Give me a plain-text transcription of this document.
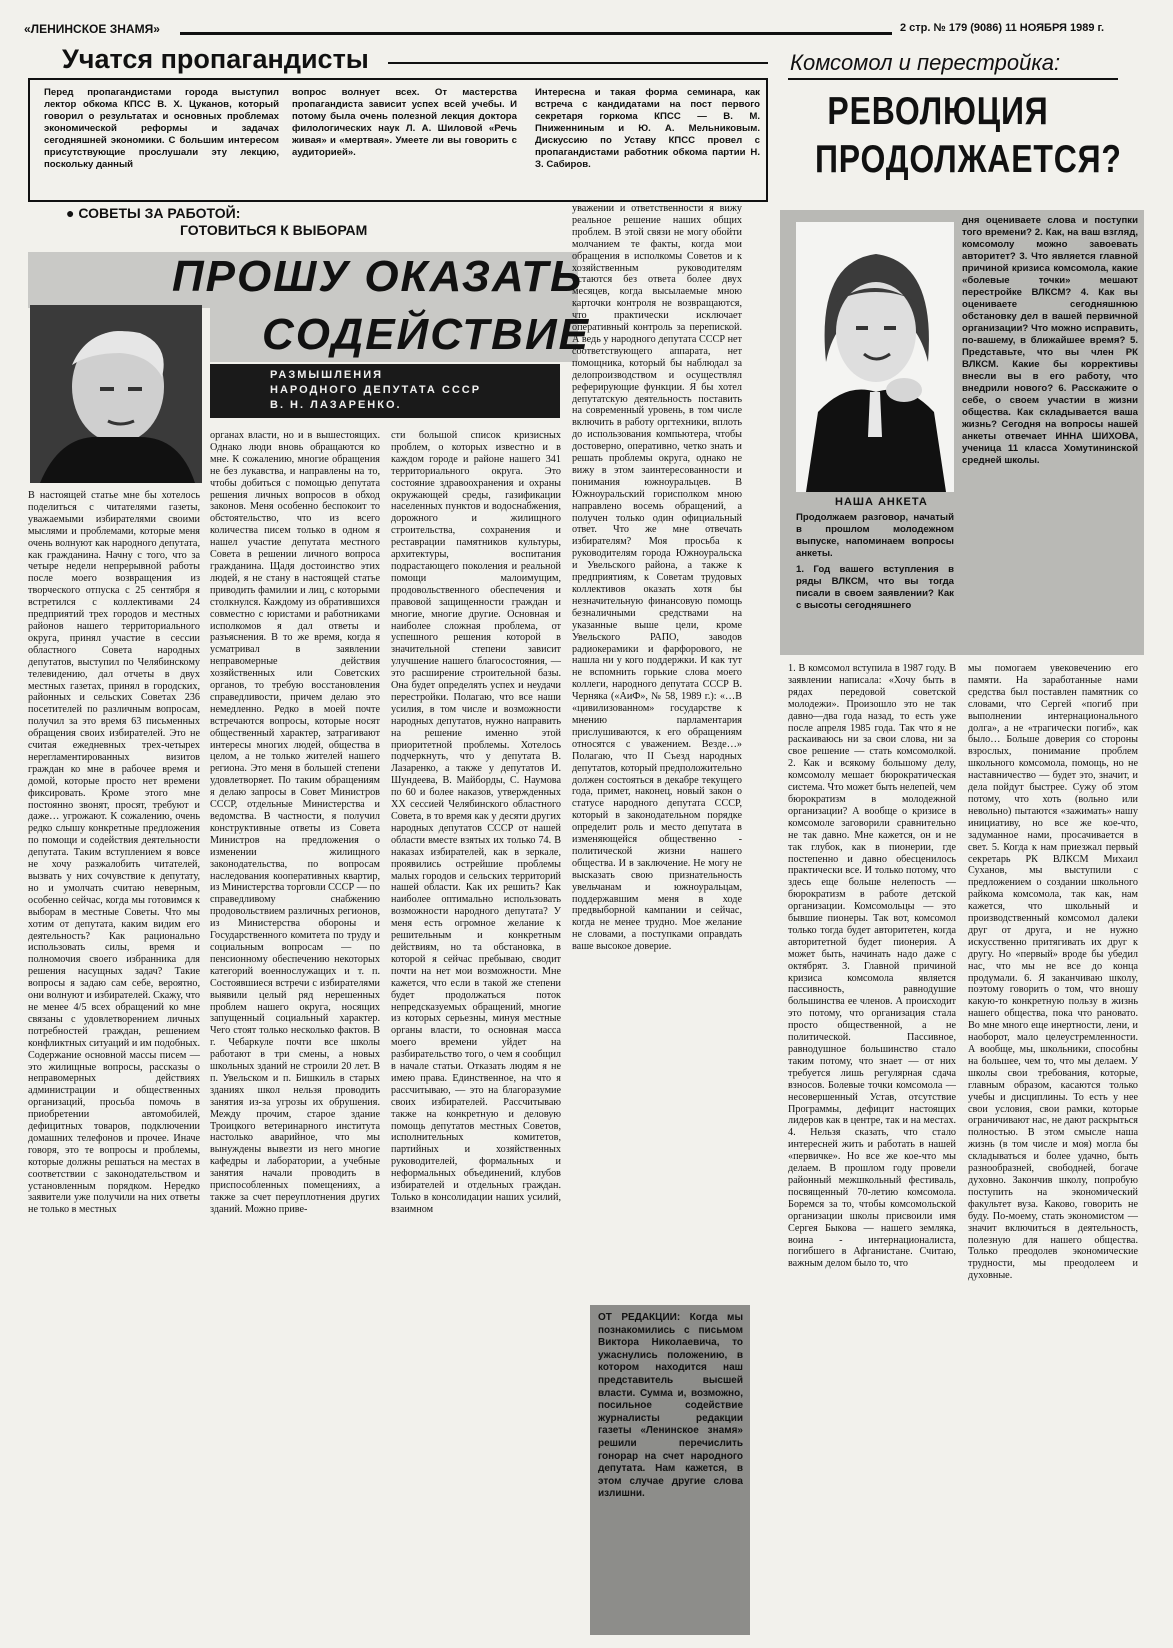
«ЛЕНИНСКОЕ ЗНАМЯ»	2 стр. № 179 (9086) 11 НОЯБРЯ 1989 г.
Учатся пропагандисты
Перед пропагандистами города выступил лектор обкома КПСС В. Х. Цуканов, который говорил о результатах и основных проблемах экономической реформы и задачах сегодняшней экономики. С большим интересом присутствующие прослушали эту лекцию, поскольку данный
вопрос волнует всех. От мастерства пропагандиста зависит успех всей учебы. И потому была очень полезной лекция доктора филологических наук Л. А. Шиловой «Речь живая» и «мертвая». Умеете ли вы говорить с аудиторией».
Интересна и такая форма семинара, как встреча с кандидатами на пост первого секретаря горкома КПСС — В. М. Пниженниным и Ю. А. Мельниковым. Дискуссию по Уставу КПСС провел с пропагандистами работник обкома партии Н. З. Сабиров.
Комсомол и перестройка:
РЕВОЛЮЦИЯ ПРОДОЛЖАЕТСЯ?
● СОВЕТЫ ЗА РАБОТОЙ:
ГОТОВИТЬСЯ К ВЫБОРАМ
ПРОШУ ОКАЗАТЬ
СОДЕЙСТВИЕ
РАЗМЫШЛЕНИЯ
НАРОДНОГО ДЕПУТАТА СССР
В. Н. ЛАЗАРЕНКО.
В настоящей статье мне бы хотелось поделиться с читателями газеты, уважаемыми избирателями своими мыслями и проблемами, которые меня очень волнуют как народного депутата, как гражданина. Начну с того, что за четыре недели непрерывной работы после моего возвращения из творческого отпуска с 25 сентября я встретился с коллективами 24 предприятий трех городов и местных районов нашего территориального округа, принял участие в сессии областного Совета народных депутатов, выступил по Челябинскому телевидению, дал отчеты в двух местных газетах, принял в городских, районных и сельских Советах 236 посетителей по различным вопросам, получил за это время 63 письменных обращения своих избирателей. Это не считая ежедневных трех-четырех нерегламентированных визитов граждан ко мне в рабочее время и домой, которые просто нет времени фиксировать. Кроме этого мне постоянно звонят, просят, требуют и даже… угрожают. К сожалению, очень редко слышу конкретные предложения по помощи и содействия деятельности депутата. Таким вступлением я вовсе не хочу разжалобить читателей, вызвать у них сочувствие к депутату, но и умолчать считаю неверным, особенно сейчас, когда мы готовимся к выборам в местные Советы. Что мы хотим от депутата, каким видим его деятельность? Как рационально использовать силы, время и полномочия своего избранника для решения насущных задач? Такие вопросы я задаю сам себе, вероятно, они волнуют и избирателей. Скажу, что не менее 4/5 всех обращений ко мне связаны с удовлетворением личных потребностей граждан, решением конфликтных ситуаций и им подобных. Содержание основной массы писем — это жилищные вопросы, рассказы о неправомерных действиях администрации и общественных организаций, просьба помочь в приобретении автомобилей, дефицитных товаров, подключении домашних телефонов и прочее. Иначе говоря, это те вопросы и проблемы, которые должны решаться на местах в соответствии с законодательством и установленным порядком. Нередко заявители уже получили на них ответы не только в местных
органах власти, но и в вышестоящих. Однако люди вновь обращаются ко мне. К сожалению, многие обращения не без лукавства, и направлены на то, чтобы добиться с помощью депутата решения личных вопросов в обход законов. Меня особенно беспокоит то обстоятельство, что из всего количества писем только в одном я нашел участие депутата местного Совета в решении личного вопроса гражданина. Щадя достоинство этих людей, я не стану в настоящей статье приводить фамилии и лиц, с которыми столкнулся. Каждому из обратившихся совместно с юристами и работниками исполкомов я дал ответы и разъяснения. В то же время, когда я усматривал в заявлении неправомерные действия хозяйственных или Советских органов, то требую восстановления справедливости, причем делаю это немедленно. Редко в моей почте встречаются вопросы, которые носят общественный характер, затрагивают интересы многих людей, общества в целом, а не только жителей нашего региона. Это меня в большей степени удовлетворяет. По таким обращениям я делаю запросы в Совет Министров СССР, отдельные Министерства и ведомства. В частности, я получил конструктивные ответы из Совета Министров на предложения о изменении жилищного законодательства, по вопросам наследования кооперативных квартир, из Министерства торговли СССР — по справедливому снабжению продовольствием различных регионов, из Министерства обороны и Государственного комитета по труду и социальным вопросам — по пенсионному обеспечению некоторых категорий военнослужащих и т. п. Состоявшиеся встречи с избирателями выявили целый ряд нерешенных проблем нашего округа, носящих запущенный социальный характер. Чего стоят только несколько фактов. В г. Чебаркуле почти все школы работают в три смены, а новых школьных зданий не строили 20 лет. В п. Увельском и п. Бишкиль в старых зданиях школ нельзя проводить занятия из-за угрозы их обрушения. Между прочим, старое здание Троицкого ветеринарного института настолько аварийное, что мы вынуждены вывезти из него многие кафедры и лаборатории, а учебные занятия начали проводить в приспособленных помещениях, а также за счет переуплотнения других зданий. Можно приве-
сти большой список кризисных проблем, о которых известно и в каждом городе и районе нашего 341 территориального округа. Это состояние здравоохранения и охраны окружающей среды, газификации населенных пунктов и водоснабжения, дорожного и жилищного строительства, сохранения и реставрации памятников культуры, архитектуры, воспитания подрастающего поколения и реальной помощи малоимущим, продовольственного обеспечения и правовой защищенности граждан и многие, многие другие. Основная и наиболее сложная проблема, от успешного решения которой в значительной степени зависит улучшение нашего благосостояния, — это расширение строительной базы. Она будет определять успех и неудачи перестройки. Полагаю, что все наши усилия, в том числе и возможности народных депутатов, нужно направить на решение именно этой приоритетной проблемы. Хотелось подчеркнуть, что у депутата В. Лазаренко, а также у депутатов И. Шундеева, В. Майборды, С. Наумова по 60 и более наказов, утвержденных XX сессией Челябинского областного Совета, в то время как у десяти других народных депутатов СССР от нашей области вместе взятых их только 74. В наказах избирателей, как в зеркале, проявились острейшие проблемы малых городов и сельских территорий нашей области. Как их решить? Как наиболее оптимально использовать возможности народного депутата? У меня есть огромное желание к решительным и конкретным действиям, но та обстановка, в которой я сейчас пребываю, сводит почти на нет мои возможности. Мне кажется, что если в такой же степени будет продолжаться поток непредсказуемых обращений, многие из которых серьезны, минуя местные органы власти, то основная масса моего времени уйдет на разбирательство того, о чем я сообщил в начале статьи. Отказать людям я не имею права. Единственное, на что я рассчитываю, — это на благоразумие своих избирателей. Рассчитываю также на конкретную и деловую помощь депутатов местных Советов, исполнительных комитетов, партийных и хозяйственных руководителей, формальных и неформальных объединений, клубов избирателей и отдельных граждан. Только в консолидации наших усилий, взаимном
уважении и ответственности я вижу реальное решение наших общих проблем. В этой связи не могу обойти молчанием те факты, когда мои обращения в исполкомы Советов и к хозяйственным руководителям остаются без ответа более двух месяцев, когда высылаемые мною карточки контроля не возвращаются, что практически исключает оперативный контроль за перепиской. А ведь у народного депутата СССР нет соответствующего аппарата, нет помощника, который бы наблюдал за делопроизводством и осуществлял реферирующие функции. Я бы хотел депутатскую деятельность поставить на современный уровень, в том числе включить в работу оргтехники, вплоть до использования компьютера, чтобы достоверно, оперативно, четко знать и решать проблемы округа, однако не вижу в этом заинтересованности и понимания южноуральцев. В Южноуральский горисполком мною направлено восемь обращений, а получен только один официальный ответ. Что же мне отвечать избирателям? Моя просьба к руководителям города Южноуральска и Увельского района, а также к предприятиям, к Советам трудовых коллективов оказать хотя бы незначительную финансовую помощь безналичными средствами на указанные выше цели, кроме Увельского РАПО, заводов радиокерамики и фарфорового, не нашла ни у кого поддержки. И как тут не вспомнить горькие слова моего коллеги, народного депутата СССР В. Черняка («АиФ», № 58, 1989 г.): «…В «цивилизованном» государстве к мнению парламентария прислушиваются, к его обращениям относятся с уважением. Везде…» Полагаю, что II Съезд народных депутатов, который предположительно должен состояться в декабре текущего года, примет, наконец, новый закон о статусе народного депутата СССР, который в законодательном порядке определит роль и место депутата в изменяющейся общественно - политической жизни нашего общества. И в заключение. Не могу не высказать свою признательность увельчанам и южноуральцам, поддержавшим меня в ходе предвыборной кампании и сейчас, когда не менее трудно. Мое желание не словами, а поступками оправдать ваше высокое доверие.
ОТ РЕДАКЦИИ: Когда мы познакомились с письмом Виктора Николаевича, то ужаснулись положению, в котором находится наш представитель высшей власти. Сумма и, возможно, посильное содействие журналисты редакции газеты «Ленинское знамя» решили перечислить гонорар на счет народного депутата. Нам кажется, в этом случае другие слова излишни.
НАША АНКЕТА
Продолжаем разговор, начатый в прошлом молодежном выпуске, напоминаем вопросы анкеты.
1. Год вашего вступления в ряды ВЛКСМ, что вы тогда писали в своем заявлении? Как с высоты сегодняшнего
дня оцениваете слова и поступки того времени? 2. Как, на ваш взгляд, комсомолу можно завоевать авторитет? 3. Что является главной причиной кризиса комсомола, какие «болевые точки» мешают перестройке ВЛКСМ? 4. Как вы оцениваете сегодняшнюю обстановку дел в вашей первичной организации? Что можно исправить, по-вашему, в ближайшее время? 5. Представьте, что вы член РК ВЛКСМ. Какие бы коррективы внесли вы в его работу, что внедрили нового? 6. Расскажите о себе, о своем участии в жизни общества. Как складывается ваша жизнь? Сегодня на вопросы нашей анкеты отвечает ИННА ШИХОВА, ученица 11 класса Хомутининской средней школы.
1. В комсомол вступила в 1987 году. В заявлении написала: «Хочу быть в рядах передовой советской молодежи». Произошло это не так давно—два года назад, то есть уже после апреля 1985 года. Так что я не раскаиваюсь ни за свои слова, ни за свое решение — стать комсомолкой. 2. Как и всякому большому делу, комсомолу мешает бюрократическая система. Что может быть нелепей, чем бюрократизм в молодежной организации? А вообще о кризисе в комсомоле заговорили сравнительно не так давно. Мне кажется, он и не так глубок, как в пионерии, где постепенно и давно обесценилось практически все. И только потому, что здесь еще больше нелепость — бюрократизм в работе детской организации. Комсомольцы — это бывшие пионеры. Так вот, комсомол только тогда будет авторитетен, когда авторитетной будет пионерия. А может быть, начинать надо даже с октябрят. 3. Главной причиной кризиса комсомола является пассивность, равнодушие большинства ее членов. А происходит это потому, что организация стала просто общественной, а не политической. Пассивное, равнодушное большинство стало таким потому, что знает — от них требуется лишь регулярная сдача взносов. Болевые точки комсомола — несовершенный Устав, отсутствие Программы, дефицит настоящих лидеров как в центре, так и на местах. 4. Нельзя сказать, что стало интересней жить и работать в нашей «первичке». Но все же кое-что мы делаем. В прошлом году провели районный межшкольный фестиваль, посвященный 70-летию комсомола. Боремся за то, чтобы комсомольской организации школы присвоили имя Сергея Быкова — нашего земляка, воина - интернационалиста, погибшего в Афганистане. Считаю, важным делом было то, что
мы помогаем увековечению его памяти. На заработанные нами средства был поставлен памятник со словами, что Сергей «погиб при выполнении интернационального долга», а не «трагически погиб», как было… Больше доверия со стороны взрослых, понимание проблем школьного комсомола, помощь, но не наставничество — будет это, значит, и дела пойдут быстрее. Сужу об этом потому, что хоть (вольно или невольно) пытаются «зажимать» нашу инициативу, но все же кое-что, задуманное нами, просачивается в свет. 5. Когда к нам приезжал первый секретарь РК ВЛКСМ Михаил Суханов, мы выступили с предложением о создании школьного райкома комсомола, так как, нам кажется, что школьный и производственный комсомол далеки друг от друга, и не нужно искусственно притягивать их друг к другу. Но «первый» вроде бы убедил нас, что мы не все до конца продумали. 6. Я заканчиваю школу, поэтому говорить о том, что вношу какую-то конкретную пользу в жизнь нашего общества, пока что рановато. Во мне много еще инертности, лени, и наоборот, мало целеустремленности. А вообще, мы, школьники, способны на большее, чем то, что мы делаем. У школы свои требования, которые, главным образом, касаются только учебы и дисциплины. То есть у нее свои условия, свои рамки, которые ограничивают нас, не дают раскрыться полностью. В этом смысле наша жизнь (в том числе и моя) могла бы складываться и более удачно, быть разнообразней, свободней, богаче духовно. Закончив школу, попробую поступить на экономический факультет вуза. Каково, говорить не буду. По-моему, стать экономистом — значит включиться в деятельность, полезную для нашего общества. Только преодолев экономические трудности, мы преодолеем и духовные.
